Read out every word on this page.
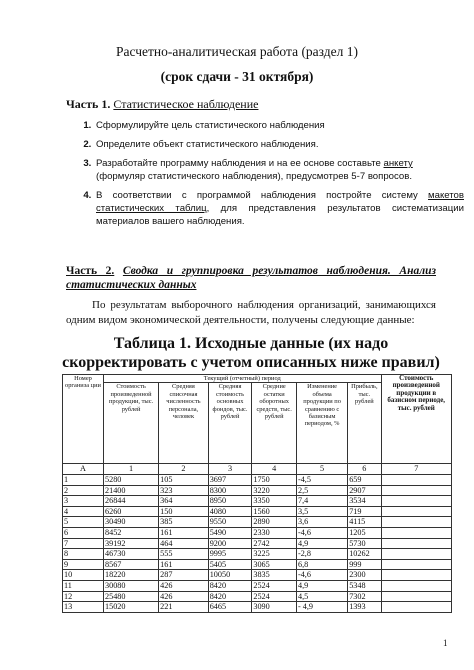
Расчетно-аналитическая работа (раздел 1)
(срок сдачи - 31 октября)
Часть 1. Статистическое наблюдение
1. Сформулируйте цель статистического наблюдения
2. Определите объект статистического наблюдения.
3. Разработайте программу наблюдения и на ее основе составьте анкету (формуляр статистического наблюдения), предусмотрев 5-7 вопросов.
4. В соответствии с программой наблюдения постройте систему макетов статистических таблиц, для представления результатов систематизации материалов вашего наблюдения.
Часть 2. Сводка и группировка результатов наблюдения. Анализ статистических данных
По результатам выборочного наблюдения организаций, занимающихся одним видом экономической деятельности, получены следующие данные:
Таблица 1. Исходные данные (их надо скорректировать с учетом описанных ниже правил)
Номер организа ции	Текущий (отчетный) период						Стоимость произведенной продукции в базисном периоде, тыс. рублей
	Стоимость произведенной продукции, тыс. рублей	Средняя списочная численность персонала, человек	Средняя стоимость основных фондов, тыс. рублей	Средние остатки оборотных средств, тыс. рублей	Изменение объема продукции по сравнению с базисным периодом, %	Прибыль, тыс. рублей	
А	1	2	3	4	5	6	7
1	5280	105	3697	1750	-4,5	659	
2	21400	323	8300	3220	2,5	2907	
3	26844	364	8950	3350	7,4	3534	
4	6260	150	4080	1560	3,5	719	
5	30490	385	9550	2890	3,6	4115	
6	8452	161	5490	2330	-4,6	1205	
7	39192	464	9200	2742	4,9	5730	
8	46730	555	9995	3225	-2,8	10262	
9	8567	161	5405	3065	6,8	999	
10	18220	287	10050	3835	-4,6	2300	
11	30080	426	8420	2524	4,9	5348	
12	25480	426	8420	2524	4,5	7302	
13	15020	221	6465	3090	- 4,9	1393	
1
